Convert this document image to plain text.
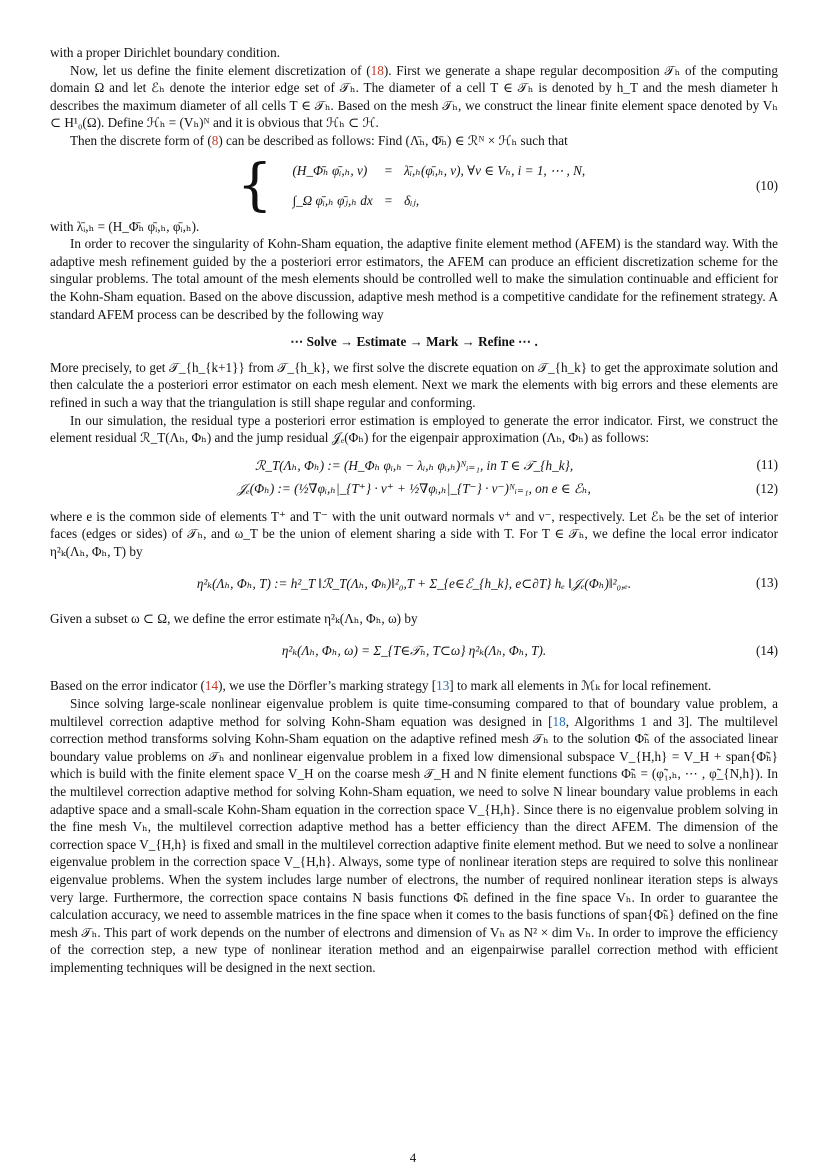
with a proper Dirichlet boundary condition.

Now, let us define the finite element discretization of (18). First we generate a shape regular decomposition 𝒯ₕ of the computing domain Ω and let ℰₕ denote the interior edge set of 𝒯ₕ. The diameter of a cell T ∈ 𝒯ₕ is denoted by h_T and the mesh diameter h describes the maximum diameter of all cells T ∈ 𝒯ₕ. Based on the mesh 𝒯ₕ, we construct the linear finite element space denoted by Vₕ ⊂ H¹₀(Ω). Define ℋₕ = (Vₕ)ᴺ and it is obvious that ℋₕ ⊂ ℋ.

Then the discrete form of (8) can be described as follows: Find (Λ̄ₕ, Φ̄ₕ) ∈ ℛᴺ × ℋₕ such that

{ (H_Φ̄ₕ φ̄ᵢ,ₕ, v)	=	λ̄ᵢ,ₕ(φ̄ᵢ,ₕ, v), ∀v ∈ Vₕ, i = 1, ⋯ , N,
∫_Ω φ̄ᵢ,ₕ φ̄ⱼ,ₕ dx	=	δᵢⱼ,
(10)

with λ̄ᵢ,ₕ = (H_Φ̄ₕ φ̄ᵢ,ₕ, φ̄ᵢ,ₕ).

In order to recover the singularity of Kohn-Sham equation, the adaptive finite element method (AFEM) is the standard way. With the adaptive mesh refinement guided by the a posteriori error estimators, the AFEM can produce an efficient discretization scheme for the singular problems. The total amount of the mesh elements should be controlled well to make the simulation continuable and efficient for the Kohn-Sham equation. Based on the above discussion, adaptive mesh method is a competitive candidate for the refinement strategy. A standard AFEM process can be described by the following way

⋯ Solve → Estimate → Mark → Refine ⋯ .

More precisely, to get 𝒯_{h_{k+1}} from 𝒯_{h_k}, we first solve the discrete equation on 𝒯_{h_k} to get the approximate solution and then calculate the a posteriori error estimator on each mesh element. Next we mark the elements with big errors and these elements are refined in such a way that the triangulation is still shape regular and conforming.

In our simulation, the residual type a posteriori error estimation is employed to generate the error indicator. First, we construct the element residual ℛ_T(Λₕ, Φₕ) and the jump residual 𝒥ₑ(Φₕ) for the eigenpair approximation (Λₕ, Φₕ) as follows:

ℛ_T(Λₕ, Φₕ) := (H_Φₕ φᵢ,ₕ − λᵢ,ₕ φᵢ,ₕ)ᴺᵢ₌₁, in T ∈ 𝒯_{h_k},	(11)
𝒥ₑ(Φₕ) := (½∇φᵢ,ₕ|_{T⁺} · ν⁺ + ½∇φᵢ,ₕ|_{T⁻} · ν⁻)ᴺᵢ₌₁, on e ∈ ℰₕ,	(12)

where e is the common side of elements T⁺ and T⁻ with the unit outward normals ν⁺ and ν⁻, respectively. Let ℰₕ be the set of interior faces (edges or sides) of 𝒯ₕ, and ω_T be the union of element sharing a side with T. For T ∈ 𝒯ₕ, we define the local error indicator η²ₖ(Λₕ, Φₕ, T) by

η²ₖ(Λₕ, Φₕ, T) := h²_T ‖ℛ_T(Λₕ, Φₕ)‖²₀,T + Σ_{e∈ℰ_{h_k}, e⊂∂T} hₑ ‖𝒥ₑ(Φₕ)‖²₀,ₑ.	(13)

Given a subset ω ⊂ Ω, we define the error estimate η²ₖ(Λₕ, Φₕ, ω) by

η²ₖ(Λₕ, Φₕ, ω) = Σ_{T∈𝒯ₕ, T⊂ω} η²ₖ(Λₕ, Φₕ, T).	(14)

Based on the error indicator (14), we use the Dörfler’s marking strategy [13] to mark all elements in ℳₖ for local refinement.

Since solving large-scale nonlinear eigenvalue problem is quite time-consuming compared to that of boundary value problem, a multilevel correction adaptive method for solving Kohn-Sham equation was designed in [18, Algorithms 1 and 3]. The multilevel correction method transforms solving Kohn-Sham equation on the adaptive refined mesh 𝒯ₕ to the solution Φ̃ₕ of the associated linear boundary value problems on 𝒯ₕ and nonlinear eigenvalue problem in a fixed low dimensional subspace V_{H,h} = V_H + span{Φ̃ₕ} which is build with the finite element space V_H on the coarse mesh 𝒯_H and N finite element functions Φ̃ₕ = (φ̃₁,ₕ, ⋯ , φ̃_{N,h}). In the multilevel correction adaptive method for solving Kohn-Sham equation, we need to solve N linear boundary value problems in each adaptive space and a small-scale Kohn-Sham equation in the correction space V_{H,h}. Since there is no eigenvalue problem solving in the fine mesh Vₕ, the multilevel correction adaptive method has a better efficiency than the direct AFEM. The dimension of the correction space V_{H,h} is fixed and small in the multilevel correction adaptive finite element method. But we need to solve a nonlinear eigenvalue problem in the correction space V_{H,h}. Always, some type of nonlinear iteration steps are required to solve this nonlinear eigenvalue problems. When the system includes large number of electrons, the number of required nonlinear iteration steps is always very large. Furthermore, the correction space contains N basis functions Φ̃ₕ defined in the fine space Vₕ. In order to guarantee the calculation accuracy, we need to assemble matrices in the fine space when it comes to the basis functions of span{Φ̃ₕ} defined on the fine mesh 𝒯ₕ. This part of work depends on the number of electrons and dimension of Vₕ as N² × dim Vₕ. In order to improve the efficiency of the correction step, a new type of nonlinear iteration method and an eigenpairwise parallel correction method with efficient implementing techniques will be designed in the next section.

4
